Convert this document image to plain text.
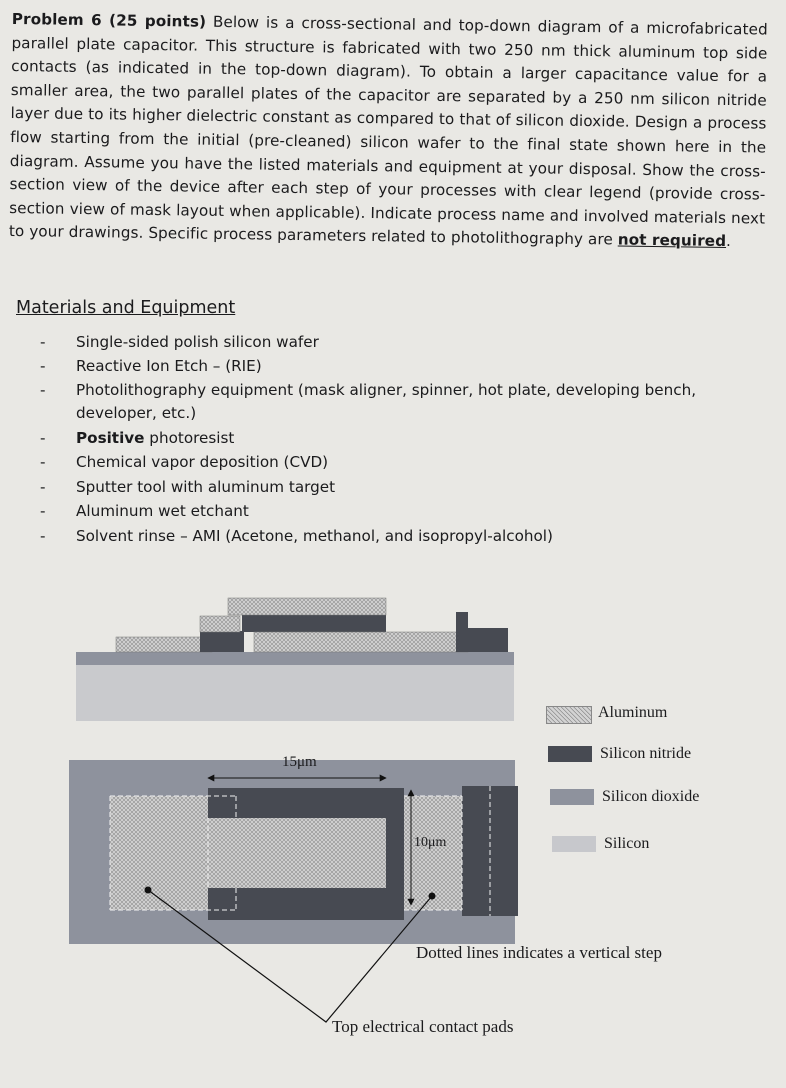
Problem 6 (25 points) Below is a cross-sectional and top-down diagram of a microfabricated parallel plate capacitor. This structure is fabricated with two 250 nm thick aluminum top side contacts (as indicated in the top-down diagram). To obtain a larger capacitance value for a smaller area, the two parallel plates of the capacitor are separated by a 250 nm silicon nitride layer due to its higher dielectric constant as compared to that of silicon dioxide. Design a process flow starting from the initial (pre-cleaned) silicon wafer to the final state shown here in the diagram. Assume you have the listed materials and equipment at your disposal. Show the cross-section view of the device after each step of your processes with clear legend (provide cross-section view of mask layout when applicable). Indicate process name and involved materials next to your drawings. Specific process parameters related to photolithography are not required.

Materials and Equipment
- Single-sided polish silicon wafer
- Reactive Ion Etch – (RIE)
- Photolithography equipment (mask aligner, spinner, hot plate, developing bench, developer, etc.)
- Positive photoresist
- Chemical vapor deposition (CVD)
- Sputter tool with aluminum target
- Aluminum wet etchant
- Solvent rinse – AMI (Acetone, methanol, and isopropyl-alcohol)
15μm
10μm
Aluminum
Silicon nitride
Silicon dioxide
Silicon
Dotted lines indicates a vertical step
Top electrical contact pads
